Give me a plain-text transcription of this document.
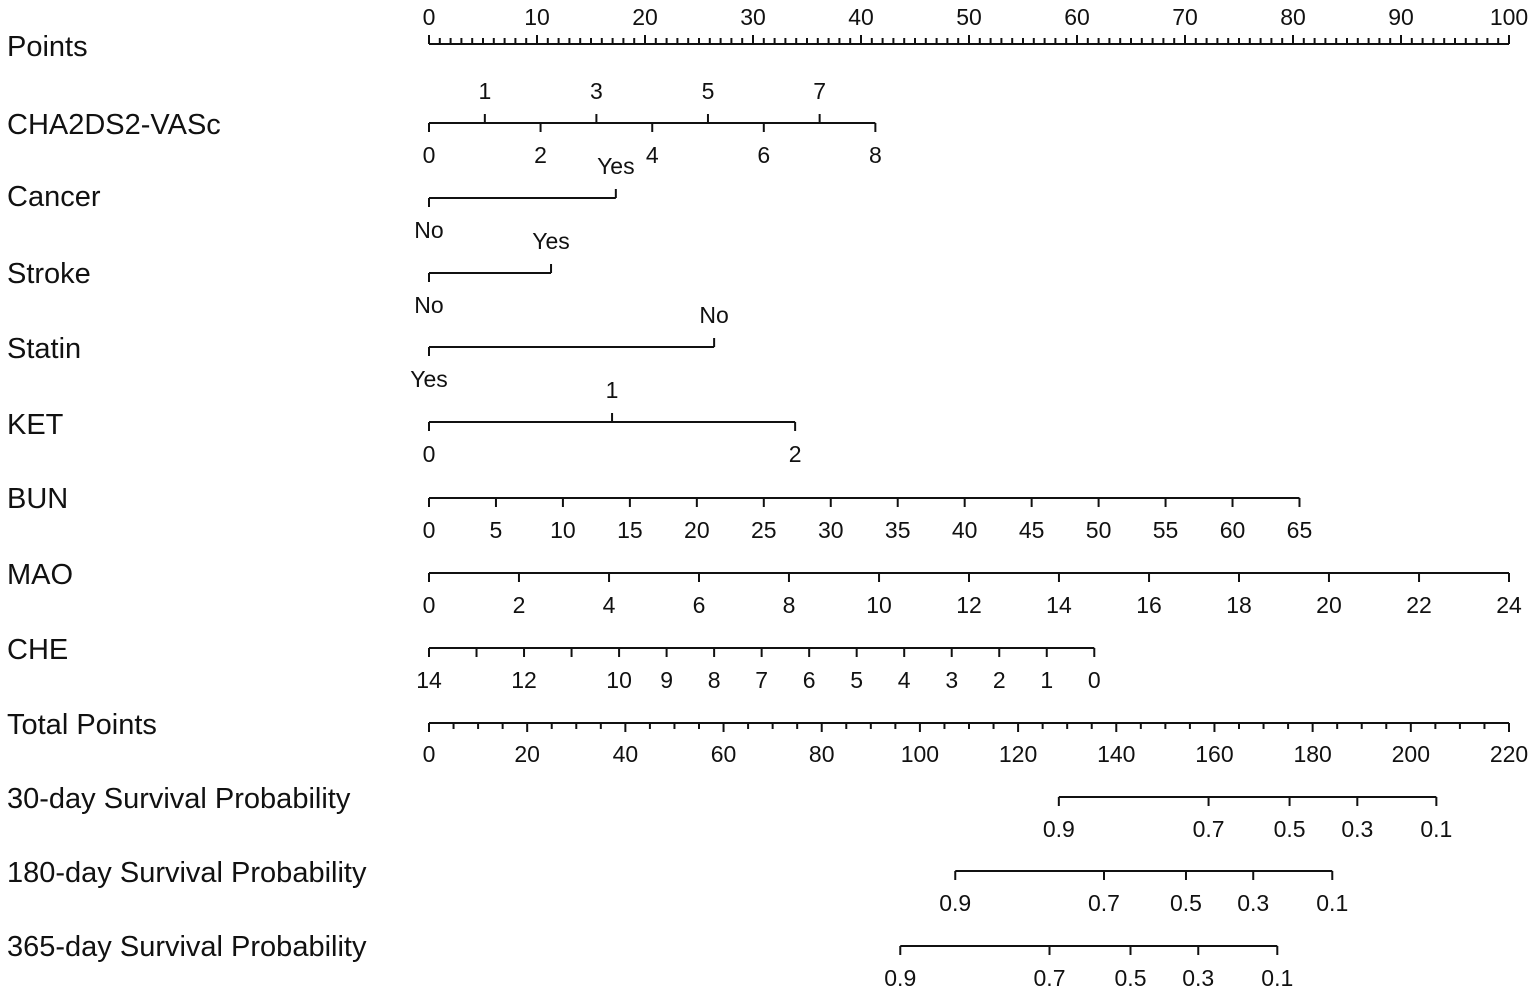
Points
0	10	20	30	40	50	60	70	80	90	100
CHA2DS2-VASc
0
1
2
3
4
5
6
7
8
Cancer
No
Yes
Stroke
No
Yes
Statin
Yes
No
KET
0
1
2
BUN
0 5 10 15 20 25 30 35 40 45 50 55 60 65
MAO
0	2	4	6	8	10	12	14	16	18	20	22	24
CHE
14	12	10 9 8 7 6 5 4 3 2 1 0
Total Points
0	20	40	60	80	100	120	140	160	180	200	220
30-day Survival Probability
0.9	0.7 0.5 0.3 0.1
180-day Survival Probability
0.9	0.7 0.5 0.3 0.1
365-day Survival Probability
0.9	0.7 0.5 0.3 0.1
